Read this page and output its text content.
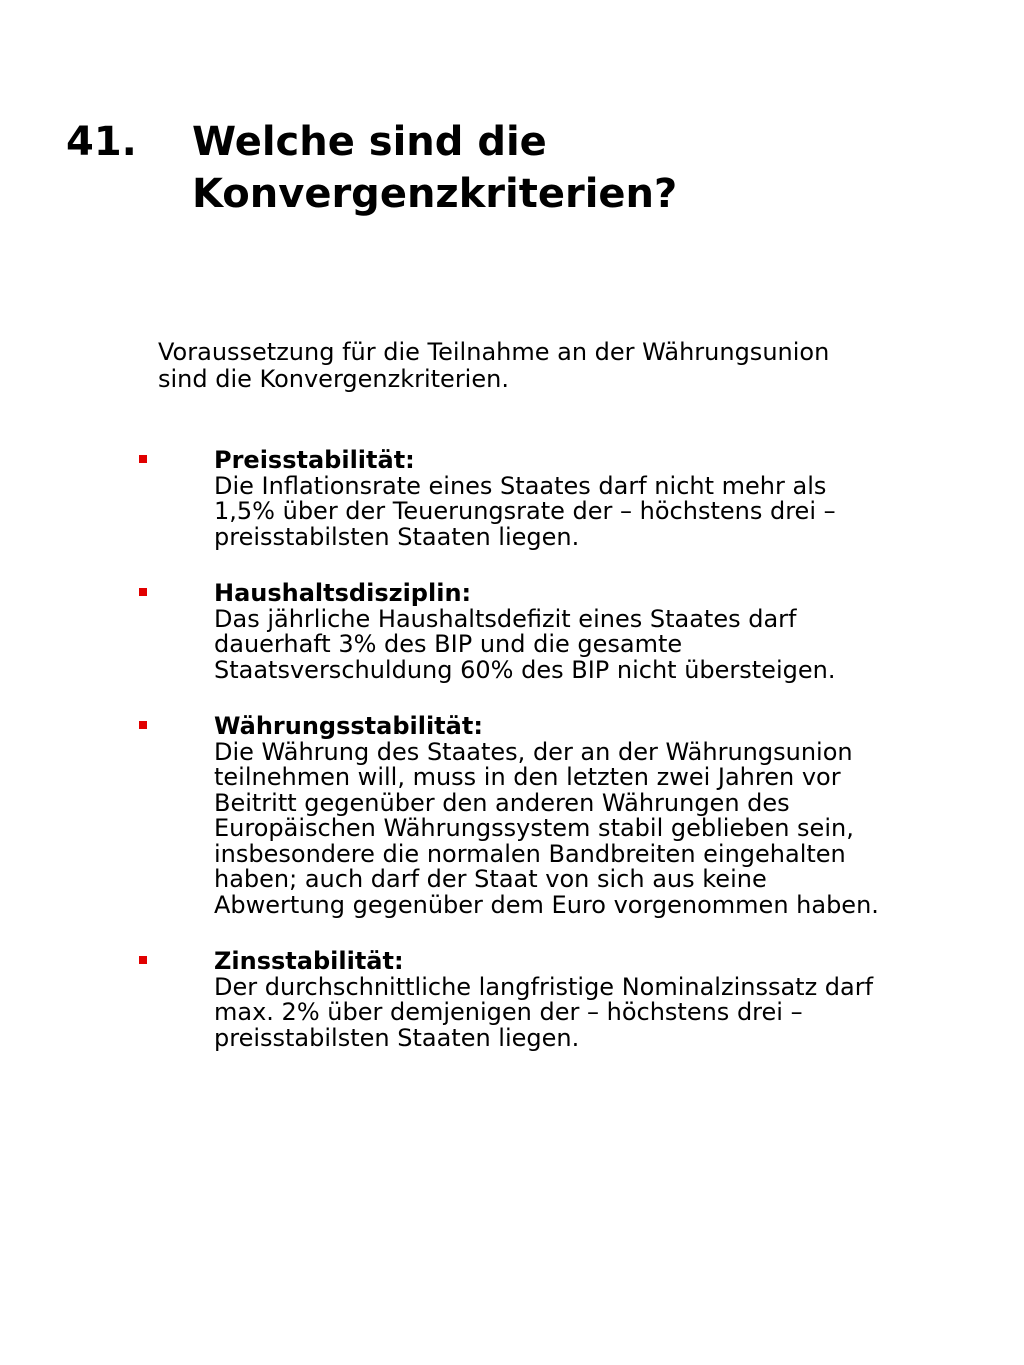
41.	Welche sind die
Konvergenzkriterien?
Voraussetzung für die Teilnahme an der Währungsunion
sind die Konvergenzkriterien.
Preisstabilität:
Die Inflationsrate eines Staates darf nicht mehr als
1,5% über der Teuerungsrate der – höchstens drei –
preisstabilsten Staaten liegen.
Haushaltsdisziplin:
Das jährliche Haushaltsdefizit eines Staates darf
dauerhaft 3% des BIP und die gesamte
Staatsverschuldung 60% des BIP nicht übersteigen.
Währungsstabilität:
Die Währung des Staates, der an der Währungsunion
teilnehmen will, muss in den letzten zwei Jahren vor
Beitritt gegenüber den anderen Währungen des
Europäischen Währungssystem stabil geblieben sein,
insbesondere die normalen Bandbreiten eingehalten
haben; auch darf der Staat von sich aus keine
Abwertung gegenüber dem Euro vorgenommen haben.
Zinsstabilität:
Der durchschnittliche langfristige Nominalzinssatz darf
max. 2% über demjenigen der – höchstens drei –
preisstabilsten Staaten liegen.
